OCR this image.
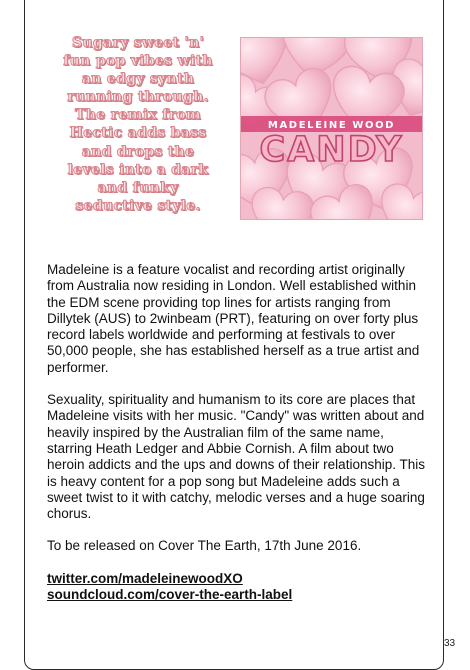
Sugary sweet 'n'
fun pop vibes with
an edgy synth
running through.
The remix from
Hectic adds bass
and drops the
levels into a dark
and funky
seductive style.
MADELEINE WOOD
CANDY

Madeleine is a feature vocalist and recording artist originally from Australia now residing in London. Well established within the EDM scene providing top lines for artists ranging from Dillytek (AUS) to 2winbeam (PRT), featuring on over forty plus record labels worldwide and performing at festivals to over 50,000 people, she has established herself as a true artist and performer.

Sexuality, spirituality and humanism to its core are places that Madeleine visits with her music. "Candy" was written about and heavily inspired by the Australian film of the same name, starring Heath Ledger and Abbie Cornish. A film about two heroin addicts and the ups and downs of their relationship. This is heavy content for a pop song but Madeleine adds such a sweet twist to it with catchy, melodic verses and a huge soaring chorus.

To be released on Cover The Earth, 17th June 2016.

twitter.com/madeleinewoodXO
soundcloud.com/cover-the-earth-label
33
